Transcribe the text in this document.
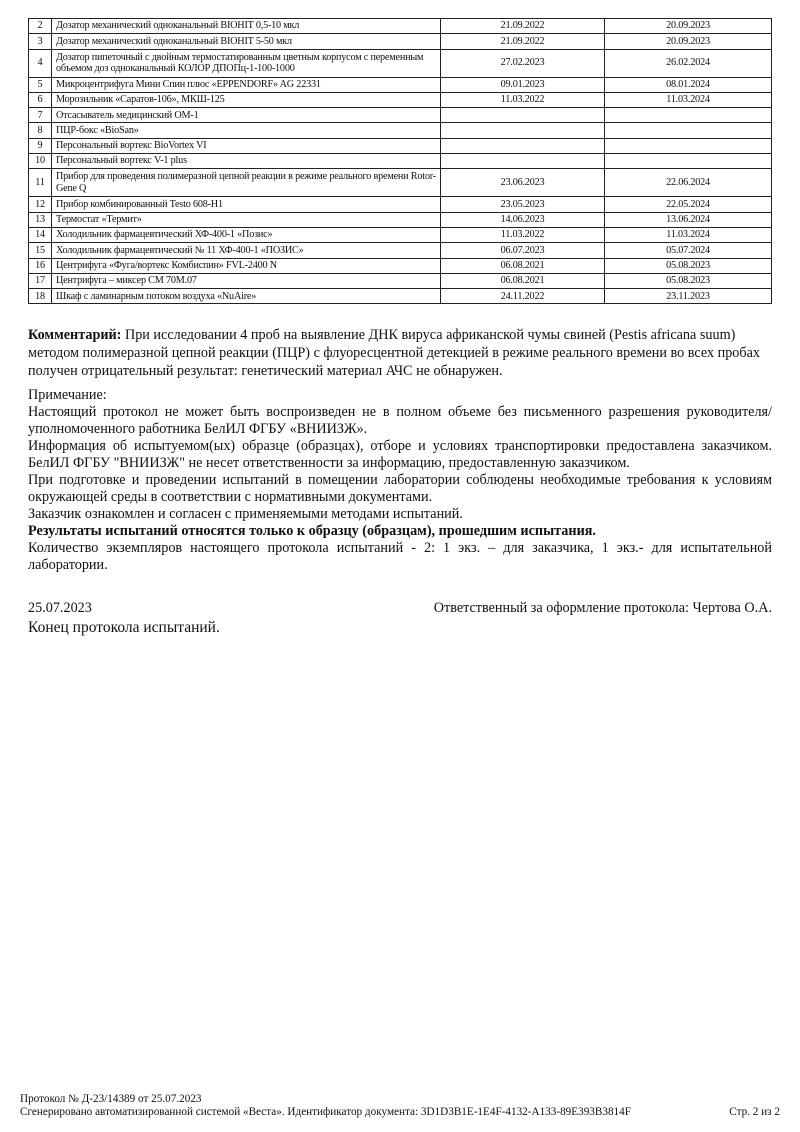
2	Дозатор механический одноканальный BIOHIT 0,5-10 мкл	21.09.2022	20.09.2023
3	Дозатор механический одноканальный BIOHIT 5-50 мкл	21.09.2022	20.09.2023
4	Дозатор пипеточный с двойным термостатированным цветным корпусом с переменным объемом доз одноканальный КОЛОР ДПОПц-1-100-1000	27.02.2023	26.02.2024
5	Микроцентрифуга Мини Спин плюс «EPPENDORF» AG 22331	09.01.2023	08.01.2024
6	Морозильник «Саратов-106», МКШ-125	11.03.2022	11.03.2024
7	Отсасыватель медицинский ОМ-1		
8	ПЦР-бокс «BioSan»		
9	Персональный вортекс BioVortex VI		
10	Персональный вортекс V-1 plus		
11	Прибор для проведения полимеразной цепной реакции в режиме реального времени Rotor-Gene Q	23.06.2023	22.06.2024
12	Прибор комбинированный Testo 608-H1	23.05.2023	22.05.2024
13	Термостат «Термит»	14.06.2023	13.06.2024
14	Холодильник фармацевтический ХФ-400-1 «Позис»	11.03.2022	11.03.2024
15	Холодильник фармацевтический № 11 ХФ-400-1 «ПОЗИС»	06.07.2023	05.07.2024
16	Центрифуга «Фуга/вортекс Комбиспин» FVL-2400 N	06.08.2021	05.08.2023
17	Центрифуга – миксер СМ 70М.07	06.08.2021	05.08.2023
18	Шкаф с ламинарным потоком воздуха «NuAire»	24.11.2022	23.11.2023
Комментарий: При исследовании 4 проб на выявление ДНК вируса африканской чумы свиней (Pestis africana suum) методом полимеразной цепной реакции (ПЦР) с флуоресцентной детекцией в режиме реального времени во всех пробах получен отрицательный результат: генетический материал АЧС не обнаружен.

Примечание:

Настоящий протокол не может быть воспроизведен не в полном объеме без письменного разрешения руководителя/уполномоченного работника БелИЛ ФГБУ «ВНИИЗЖ».

Информация об испытуемом(ых) образце (образцах), отборе и условиях транспортировки предоставлена заказчиком. БелИЛ ФГБУ "ВНИИЗЖ" не несет ответственности за информацию, предоставленную заказчиком.

При подготовке и проведении испытаний в помещении лаборатории соблюдены необходимые требования к условиям окружающей среды в соответствии с нормативными документами.

Заказчик ознакомлен и согласен с применяемыми методами испытаний.

Результаты испытаний относятся только к образцу (образцам), прошедшим испытания.

Количество экземпляров настоящего протокола испытаний - 2: 1 экз. – для заказчика, 1 экз.- для испытательной лаборатории.

25.07.2023	Ответственный за оформление протокола: Чертова О.А.
Конец протокола испытаний.
Протокол № Д-23/14389 от 25.07.2023
Сгенерировано автоматизированной системой «Веста». Идентификатор документа: 3D1D3B1E-1E4F-4132-A133-89E393B3814F	Стр. 2 из 2
